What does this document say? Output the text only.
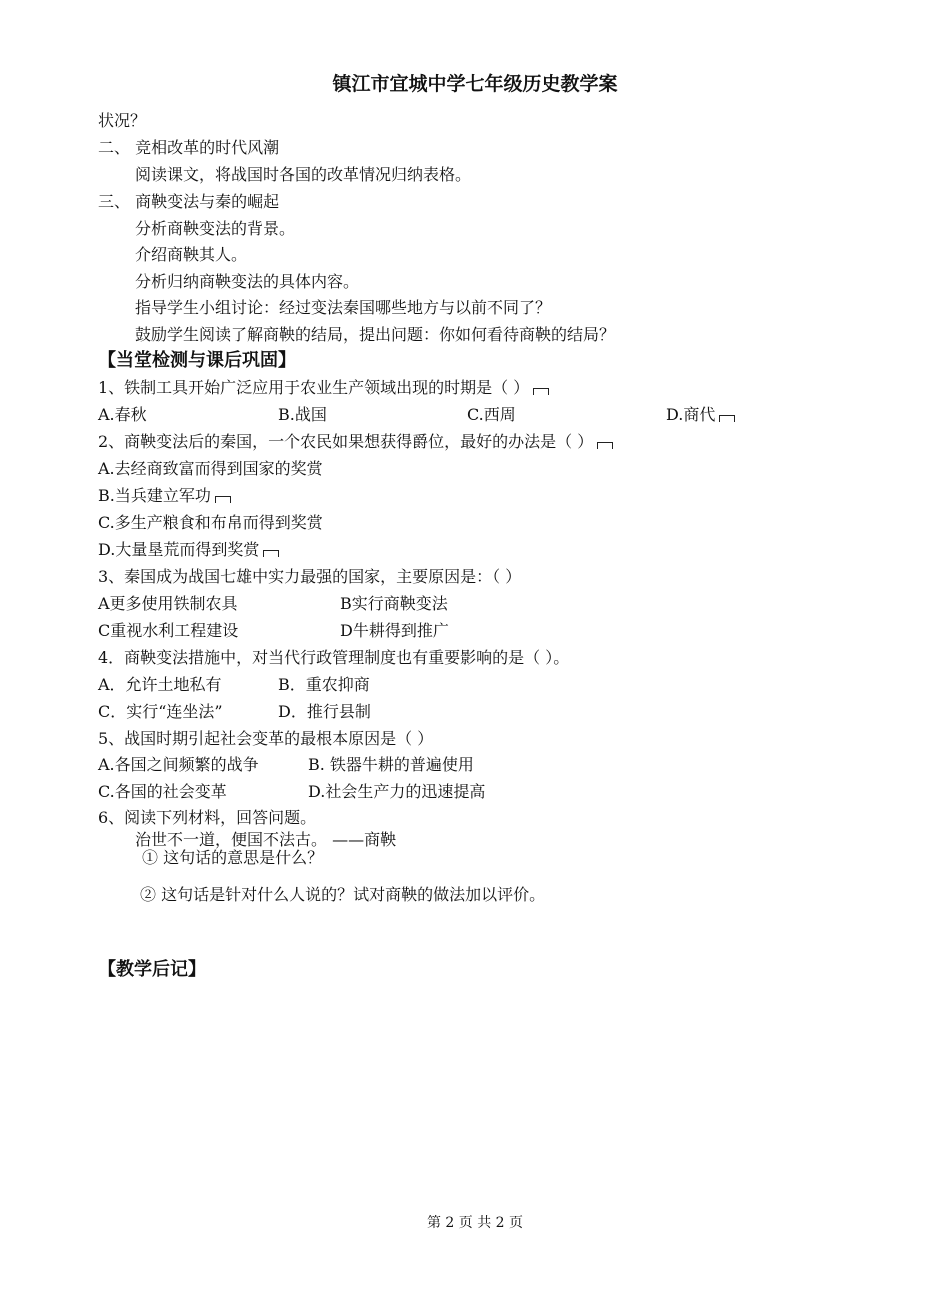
镇江市宜城中学七年级历史教学案
状况？
二、 竞相改革的时代风潮
阅读课文，将战国时各国的改革情况归纳表格。
三、 商鞅变法与秦的崛起
分析商鞅变法的背景。
介绍商鞅其人。
分析归纳商鞅变法的具体内容。
指导学生小组讨论：经过变法秦国哪些地方与以前不同了？
鼓励学生阅读了解商鞅的结局，提出问题：你如何看待商鞅的结局？
【当堂检测与课后巩固】
1、铁制工具开始广泛应用于农业生产领域出现的时期是（ ）
A.春秋	B.战国	C.西周	D.商代
2、商鞅变法后的秦国，一个农民如果想获得爵位，最好的办法是（ ）
A.去经商致富而得到国家的奖赏
B.当兵建立军功
C.多生产粮食和布帛而得到奖赏
D.大量垦荒而得到奖赏
3、秦国成为战国七雄中实力最强的国家，主要原因是：（ ）
A更多使用铁制农具	B实行商鞅变法
C重视水利工程建设	D牛耕得到推广
4．商鞅变法措施中，对当代行政管理制度也有重要影响的是（ ）。
A．允许土地私有	B．重农抑商
C．实行“连坐法”	D．推行县制
5、战国时期引起社会变革的最根本原因是（ ）
A.各国之间频繁的战争	B. 铁器牛耕的普遍使用
C.各国的社会变革	D.社会生产力的迅速提高
6、阅读下列材料，回答问题。
治世不一道，便国不法古。 ——商鞅
① 这句话的意思是什么？
② 这句话是针对什么人说的？试对商鞅的做法加以评价。
【教学后记】
第 2 页 共 2 页
